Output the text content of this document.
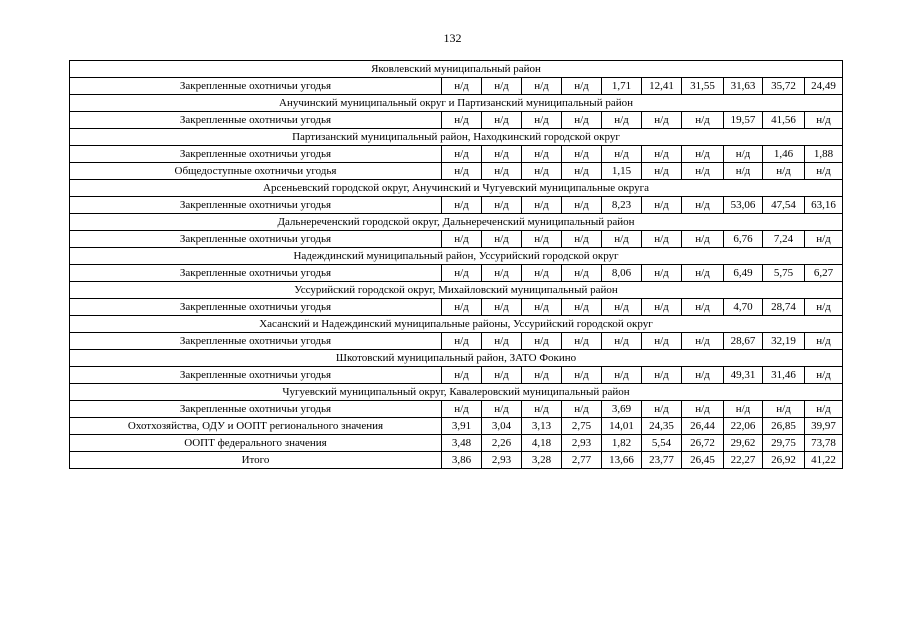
132
Яковлевский муниципальный район										
Закрепленные охотничьи угодья	н/д	н/д	н/д	н/д	1,71	12,41	31,55	31,63	35,72	24,49
Анучинский муниципальный округ и Партизанский муниципальный район										
Закрепленные охотничьи угодья	н/д	н/д	н/д	н/д	н/д	н/д	н/д	19,57	41,56	н/д
Партизанский муниципальный район, Находкинский городской округ										
Закрепленные охотничьи угодья	н/д	н/д	н/д	н/д	н/д	н/д	н/д	н/д	1,46	1,88
Общедоступные охотничьи угодья	н/д	н/д	н/д	н/д	1,15	н/д	н/д	н/д	н/д	н/д
Арсеньевский городской округ, Анучинский и Чугуевский муниципальные округа										
Закрепленные охотничьи угодья	н/д	н/д	н/д	н/д	8,23	н/д	н/д	53,06	47,54	63,16
Дальнереченский городской округ, Дальнереченский муниципальный район										
Закрепленные охотничьи угодья	н/д	н/д	н/д	н/д	н/д	н/д	н/д	6,76	7,24	н/д
Надеждинский муниципальный район, Уссурийский городской округ										
Закрепленные охотничьи угодья	н/д	н/д	н/д	н/д	8,06	н/д	н/д	6,49	5,75	6,27
Уссурийский городской округ, Михайловский муниципальный район										
Закрепленные охотничьи угодья	н/д	н/д	н/д	н/д	н/д	н/д	н/д	4,70	28,74	н/д
Хасанский и Надеждинский муниципальные районы, Уссурийский городской округ										
Закрепленные охотничьи угодья	н/д	н/д	н/д	н/д	н/д	н/д	н/д	28,67	32,19	н/д
Шкотовский муниципальный район, ЗАТО Фокино										
Закрепленные охотничьи угодья	н/д	н/д	н/д	н/д	н/д	н/д	н/д	49,31	31,46	н/д
Чугуевский муниципальный округ, Кавалеровский муниципальный район										
Закрепленные охотничьи угодья	н/д	н/д	н/д	н/д	3,69	н/д	н/д	н/д	н/д	н/д
Охотхозяйства, ОДУ и ООПТ регионального значения	3,91	3,04	3,13	2,75	14,01	24,35	26,44	22,06	26,85	39,97
ООПТ федерального значения	3,48	2,26	4,18	2,93	1,82	5,54	26,72	29,62	29,75	73,78
Итого	3,86	2,93	3,28	2,77	13,66	23,77	26,45	22,27	26,92	41,22
